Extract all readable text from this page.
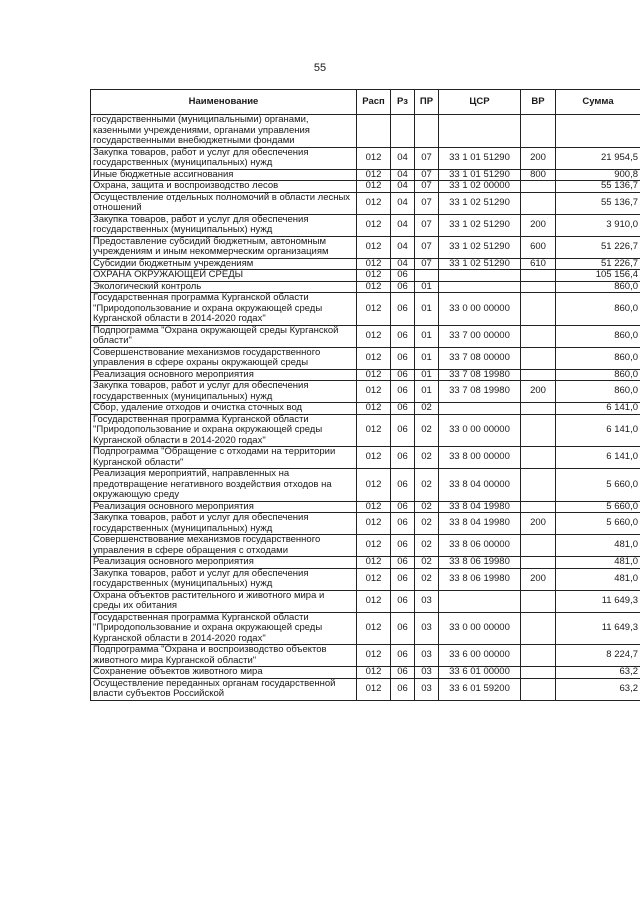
55
Наименование	Расп	Рз	ПР	ЦСР	ВР	Сумма
государственными (муниципальными) органами, казенными учреждениями, органами управления государственными внебюджетными фондами						
Закупка товаров, работ и услуг для обеспечения государственных (муниципальных) нужд	012	04	07	33 1 01 51290	200	21 954,5
Иные бюджетные ассигнования	012	04	07	33 1 01 51290	800	900,8
Охрана, защита и воспроизводство лесов	012	04	07	33 1 02 00000		55 136,7
Осуществление отдельных полномочий в области лесных отношений	012	04	07	33 1 02 51290		55 136,7
Закупка товаров, работ и услуг для обеспечения государственных (муниципальных) нужд	012	04	07	33 1 02 51290	200	3 910,0
Предоставление субсидий бюджетным, автономным учреждениям и иным некоммерческим организациям	012	04	07	33 1 02 51290	600	51 226,7
Субсидии бюджетным учреждениям	012	04	07	33 1 02 51290	610	51 226,7
ОХРАНА ОКРУЖАЮЩЕЙ СРЕДЫ	012	06				105 156,4
Экологический контроль	012	06	01			860,0
Государственная программа Курганской области "Природопользование и охрана окружающей среды Курганской области в 2014-2020 годах"	012	06	01	33 0 00 00000		860,0
Подпрограмма "Охрана окружающей среды Курганской области"	012	06	01	33 7 00 00000		860,0
Совершенствование механизмов государственного управления в сфере охраны окружающей среды	012	06	01	33 7 08 00000		860,0
Реализация основного мероприятия	012	06	01	33 7 08 19980		860,0
Закупка товаров, работ и услуг для обеспечения государственных (муниципальных) нужд	012	06	01	33 7 08 19980	200	860,0
Сбор, удаление отходов и очистка сточных вод	012	06	02			6 141,0
Государственная программа Курганской области "Природопользование и охрана окружающей среды Курганской области в 2014-2020 годах"	012	06	02	33 0 00 00000		6 141,0
Подпрограмма "Обращение с отходами на территории Курганской области"	012	06	02	33 8 00 00000		6 141,0
Реализация мероприятий, направленных на предотвращение негативного воздействия отходов на окружающую среду	012	06	02	33 8 04 00000		5 660,0
Реализация основного мероприятия	012	06	02	33 8 04 19980		5 660,0
Закупка товаров, работ и услуг для обеспечения государственных (муниципальных) нужд	012	06	02	33 8 04 19980	200	5 660,0
Совершенствование механизмов государственного управления в сфере обращения с отходами	012	06	02	33 8 06 00000		481,0
Реализация основного мероприятия	012	06	02	33 8 06 19980		481,0
Закупка товаров, работ и услуг для обеспечения государственных (муниципальных) нужд	012	06	02	33 8 06 19980	200	481,0
Охрана объектов растительного и животного мира и среды их обитания	012	06	03			11 649,3
Государственная программа Курганской области "Природопользование и охрана окружающей среды Курганской области в 2014-2020 годах"	012	06	03	33 0 00 00000		11 649,3
Подпрограмма "Охрана и воспроизводство объектов животного мира Курганской области"	012	06	03	33 6 00 00000		8 224,7
Сохранение объектов животного мира	012	06	03	33 6 01 00000		63,2
Осуществление переданных органам государственной власти субъектов Российской	012	06	03	33 6 01 59200		63,2
